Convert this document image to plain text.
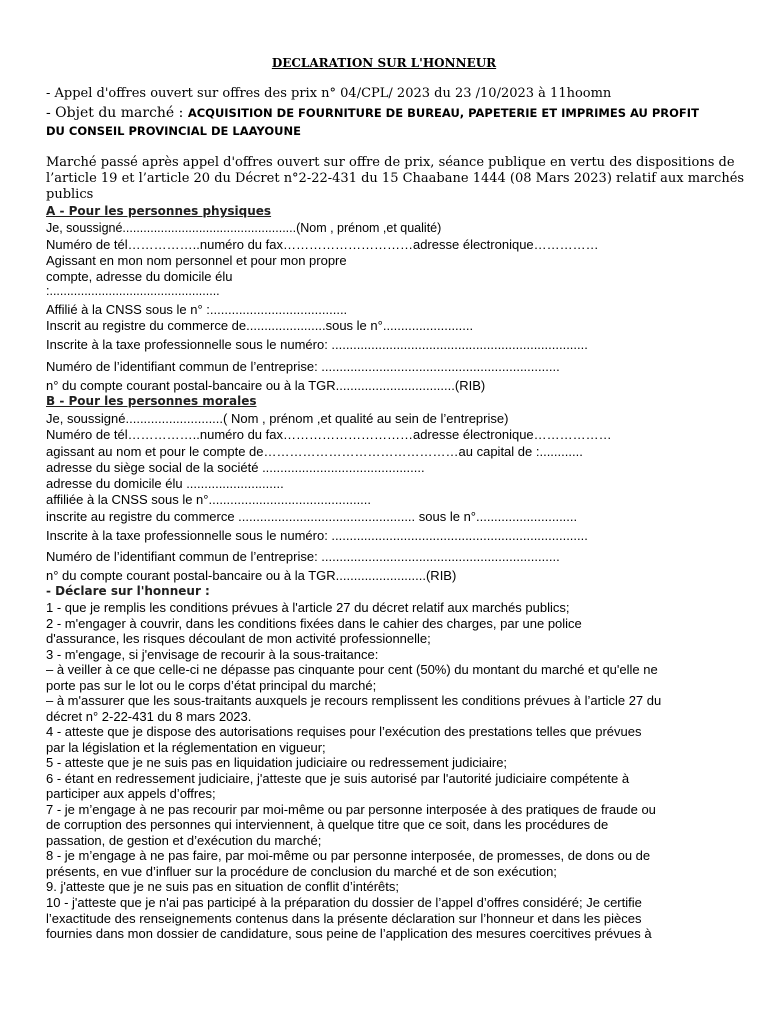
DECLARATION SUR L'HONNEUR
- Appel d'offres ouvert sur offres des prix n° 04/CPL/ 2023 du 23 /10/2023 à 11hoomn
- Objet du marché : ACQUISITION DE FOURNITURE DE BUREAU, PAPETERIE ET IMPRIMES AU PROFIT
DU CONSEIL PROVINCIAL DE LAAYOUNE
Marché passé après appel d'offres ouvert sur offre de prix, séance publique en vertu des dispositions de
l’article 19 et l’article 20 du Décret n°2-22-431 du 15 Chaabane 1444 (08 Mars 2023) relatif aux marchés
publics
A - Pour les personnes physiques
Je, soussigné..................................................(Nom , prénom ,et qualité)
Numéro de tél……………..numéro du fax…………………………adresse électronique……………
Agissant en mon nom personnel et pour mon propre
compte, adresse du domicile élu
:.................................................
Affilié à la CNSS sous le n° :......................................
Inscrit au registre du commerce de......................sous le n°.........................
Inscrite à la taxe professionnelle sous le numéro: .......................................................................
Numéro de l’identifiant commun de l’entreprise: ..................................................................
n° du compte courant postal-bancaire ou à la TGR.................................(RIB)
B - Pour les personnes morales
Je, soussigné...........................( Nom , prénom ,et qualité au sein de l’entreprise)
Numéro de tél……………..numéro du fax…………………………adresse électronique………………
agissant au nom et pour le compte de………………………………………au capital de :............
adresse du siège social de la société .............................................
adresse du domicile élu ...........................
affiliée à la CNSS sous le n°.............................................
inscrite au registre du commerce ................................................. sous le n°............................
Inscrite à la taxe professionnelle sous le numéro: .......................................................................
Numéro de l’identifiant commun de l’entreprise: ..................................................................
n° du compte courant postal-bancaire ou à la TGR.........................(RIB)
- Déclare sur l'honneur :
1 - que je remplis les conditions prévues à l'article 27 du décret relatif aux marchés publics;
2 - m'engager à couvrir, dans les conditions fixées dans le cahier des charges, par une police
d'assurance, les risques découlant de mon activité professionnelle;
3 - m'engage, si j'envisage de recourir à la sous-traitance:
– à veiller à ce que celle-ci ne dépasse pas cinquante pour cent (50%) du montant du marché et qu'elle ne
porte pas sur le lot ou le corps d’état principal du marché;
– à m'assurer que les sous-traitants auxquels je recours remplissent les conditions prévues à l’article 27 du
décret n° 2-22-431 du 8 mars 2023.
4 - atteste que je dispose des autorisations requises pour l’exécution des prestations telles que prévues
par la législation et la réglementation en vigueur;
5 - atteste que je ne suis pas en liquidation judiciaire ou redressement judiciaire;
6 - étant en redressement judiciaire, j'atteste que je suis autorisé par l'autorité judiciaire compétente à
participer aux appels d’offres;
7 - je m’engage à ne pas recourir par moi-même ou par personne interposée à des pratiques de fraude ou
de corruption des personnes qui interviennent, à quelque titre que ce soit, dans les procédures de
passation, de gestion et d’exécution du marché;
8 - je m’engage à ne pas faire, par moi-même ou par personne interposée, de promesses, de dons ou de
présents, en vue d’influer sur la procédure de conclusion du marché et de son exécution;
9. j'atteste que je ne suis pas en situation de conflit d’intérêts;
10 - j'atteste que je n'ai pas participé à la préparation du dossier de l’appel d’offres considéré; Je certifie
l’exactitude des renseignements contenus dans la présente déclaration sur l’honneur et dans les pièces
fournies dans mon dossier de candidature, sous peine de l’application des mesures coercitives prévues à
